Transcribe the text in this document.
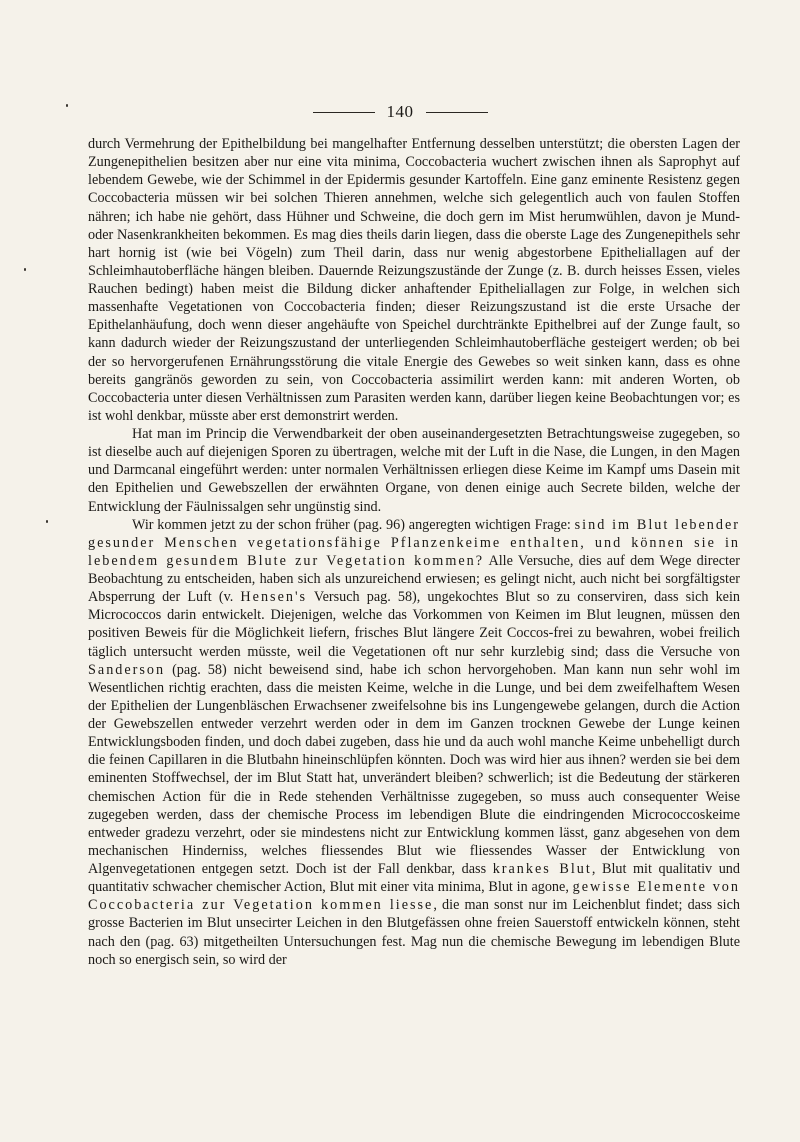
140

durch Vermehrung der Epithelbildung bei mangelhafter Entfernung desselben unterstützt; die obersten Lagen der Zungenepithelien besitzen aber nur eine vita minima, Coccobacteria wuchert zwischen ihnen als Saprophyt auf lebendem Gewebe, wie der Schimmel in der Epidermis gesunder Kartoffeln. Eine ganz eminente Resistenz gegen Coccobacteria müssen wir bei solchen Thieren annehmen, welche sich gelegentlich auch von faulen Stoffen nähren; ich habe nie gehört, dass Hühner und Schweine, die doch gern im Mist herumwühlen, davon je Mund- oder Nasenkrankheiten bekommen. Es mag dies theils darin liegen, dass die oberste Lage des Zungenepithels sehr hart hornig ist (wie bei Vögeln) zum Theil darin, dass nur wenig abgestorbene Epitheliallagen auf der Schleimhautoberfläche hängen bleiben. Dauernde Reizungszustände der Zunge (z. B. durch heisses Essen, vieles Rauchen bedingt) haben meist die Bildung dicker anhaftender Epitheliallagen zur Folge, in welchen sich massenhafte Vegetationen von Coccobacteria finden; dieser Reizungszustand ist die erste Ursache der Epithelanhäufung, doch wenn dieser angehäufte von Speichel durchtränkte Epithelbrei auf der Zunge fault, so kann dadurch wieder der Reizungszustand der unterliegenden Schleimhautoberfläche gesteigert werden; ob bei der so hervorgerufenen Ernährungsstörung die vitale Energie des Gewebes so weit sinken kann, dass es ohne bereits gangränös geworden zu sein, von Coccobacteria assimilirt werden kann: mit anderen Worten, ob Coccobacteria unter diesen Verhältnissen zum Parasiten werden kann, darüber liegen keine Beobachtungen vor; es ist wohl denkbar, müsste aber erst demonstrirt werden.

Hat man im Princip die Verwendbarkeit der oben auseinandergesetzten Betrachtungsweise zugegeben, so ist dieselbe auch auf diejenigen Sporen zu übertragen, welche mit der Luft in die Nase, die Lungen, in den Magen und Darmcanal eingeführt werden: unter normalen Verhältnissen erliegen diese Keime im Kampf ums Dasein mit den Epithelien und Gewebszellen der erwähnten Organe, von denen einige auch Secrete bilden, welche der Entwicklung der Fäulnissalgen sehr ungünstig sind.

Wir kommen jetzt zu der schon früher (pag. 96) angeregten wichtigen Frage: sind im Blut lebender gesunder Menschen vegetationsfähige Pflanzenkeime enthalten, und können sie in lebendem gesundem Blute zur Vegetation kommen? Alle Versuche, dies auf dem Wege directer Beobachtung zu entscheiden, haben sich als unzureichend erwiesen; es gelingt nicht, auch nicht bei sorgfältigster Absperrung der Luft (v. Hensen's Versuch pag. 58), ungekochtes Blut so zu conserviren, dass sich kein Micrococcos darin entwickelt. Diejenigen, welche das Vorkommen von Keimen im Blut leugnen, müssen den positiven Beweis für die Möglichkeit liefern, frisches Blut längere Zeit Coccos-frei zu bewahren, wobei freilich täglich untersucht werden müsste, weil die Vegetationen oft nur sehr kurzlebig sind; dass die Versuche von Sanderson (pag. 58) nicht beweisend sind, habe ich schon hervorgehoben. Man kann nun sehr wohl im Wesentlichen richtig erachten, dass die meisten Keime, welche in die Lunge, und bei dem zweifelhaftem Wesen der Epithelien der Lungenbläschen Erwachsener zweifelsohne bis ins Lungengewebe gelangen, durch die Action der Gewebszellen entweder verzehrt werden oder in dem im Ganzen trocknen Gewebe der Lunge keinen Entwicklungsboden finden, und doch dabei zugeben, dass hie und da auch wohl manche Keime unbehelligt durch die feinen Capillaren in die Blutbahn hineinschlüpfen könnten. Doch was wird hier aus ihnen? werden sie bei dem eminenten Stoffwechsel, der im Blut Statt hat, unverändert bleiben? schwerlich; ist die Bedeutung der stärkeren chemischen Action für die in Rede stehenden Verhältnisse zugegeben, so muss auch consequenter Weise zugegeben werden, dass der chemische Process im lebendigen Blute die eindringenden Micrococcoskeime entweder gradezu verzehrt, oder sie mindestens nicht zur Entwicklung kommen lässt, ganz abgesehen von dem mechanischen Hinderniss, welches fliessendes Blut wie fliessendes Wasser der Entwicklung von Algenvegetationen entgegen setzt. Doch ist der Fall denkbar, dass krankes Blut, Blut mit qualitativ und quantitativ schwacher chemischer Action, Blut mit einer vita minima, Blut in agone, gewisse Elemente von Coccobacteria zur Vegetation kommen liesse, die man sonst nur im Leichenblut findet; dass sich grosse Bacterien im Blut unsecirter Leichen in den Blutgefässen ohne freien Sauerstoff entwickeln können, steht nach den (pag. 63) mitgetheilten Untersuchungen fest. Mag nun die chemische Bewegung im lebendigen Blute noch so energisch sein, so wird der
